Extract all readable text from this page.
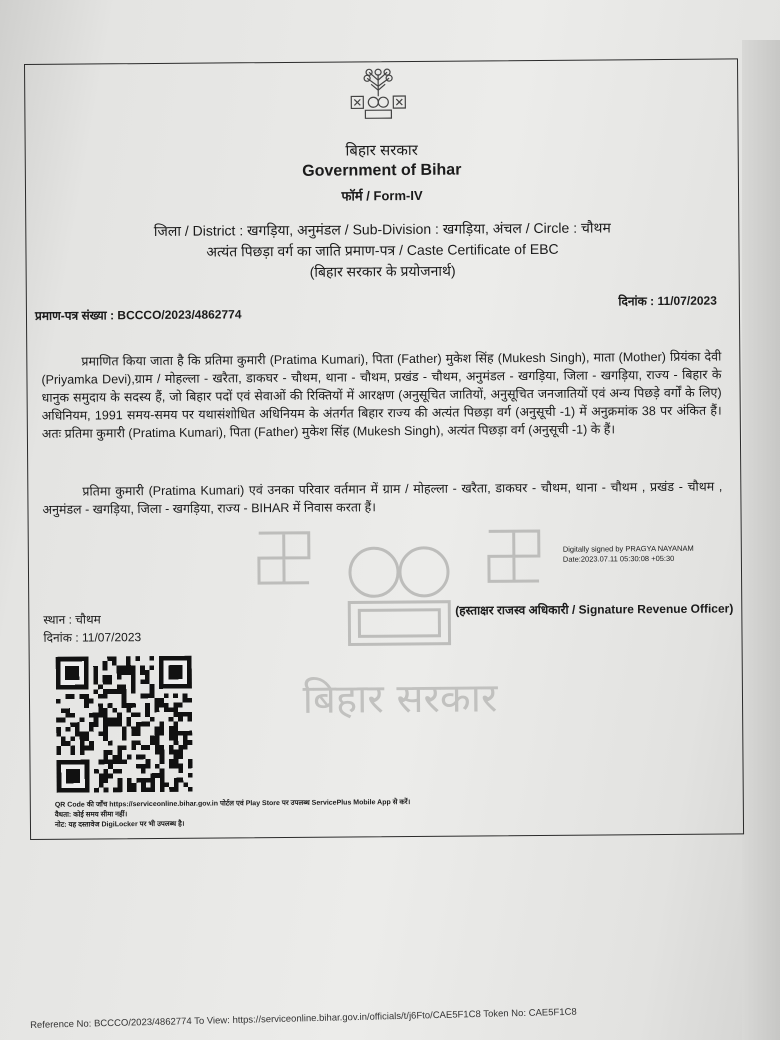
बिहार सरकार
Government of Bihar
फॉर्म / Form-IV
जिला / District : खगड़िया, अनुमंडल / Sub-Division : खगड़िया, अंचल / Circle : चौथम
अत्यंत पिछड़ा वर्ग का जाति प्रमाण-पत्र / Caste Certificate of EBC
(बिहार सरकार के प्रयोजनार्थ)
प्रमाण-पत्र संख्या : BCCCO/2023/4862774
दिनांक : 11/07/2023
बिहार सरकार
प्रमाणित किया जाता है कि प्रतिमा कुमारी (Pratima Kumari), पिता (Father) मुकेश सिंह (Mukesh Singh), माता (Mother) प्रियंका देवी (Priyamka Devi),ग्राम / मोहल्ला - खरैता, डाकघर - चौथम, थाना - चौथम, प्रखंड - चौथम, अनुमंडल - खगड़िया, जिला - खगड़िया, राज्य - बिहार के धानुक समुदाय के सदस्य हैं, जो बिहार पदों एवं सेवाओं की रिक्तियों में आरक्षण (अनुसूचित जातियों, अनुसूचित जनजातियों एवं अन्य पिछड़े वर्गों के लिए) अधिनियम, 1991 समय-समय पर यथासंशोधित अधिनियम के अंतर्गत बिहार राज्य की अत्यंत पिछड़ा वर्ग (अनुसूची -1) में अनुक्रमांक 38 पर अंकित हैं। अतः प्रतिमा कुमारी (Pratima Kumari), पिता (Father) मुकेश सिंह (Mukesh Singh), अत्यंत पिछड़ा वर्ग (अनुसूची -1) के हैं।
प्रतिमा कुमारी (Pratima Kumari) एवं उनका परिवार वर्तमान में ग्राम / मोहल्ला - खरैता, डाकघर - चौथम, थाना - चौथम , प्रखंड - चौथम , अनुमंडल - खगड़िया, जिला - खगड़िया, राज्य - BIHAR में निवास करता हैं।
Digitally signed by PRAGYA NAYANAM
Date:2023.07.11 05:30:08 +05:30
स्थान : चौथम
दिनांक : 11/07/2023
(हस्ताक्षर राजस्व अधिकारी / Signature Revenue Officer)
QR Code की जाँच https://serviceonline.bihar.gov.in पोर्टल एवं Play Store पर उपलब्ध ServicePlus Mobile App से करें।
वैधता: कोई समय सीमा नहीं।
नोट: यह दस्तावेज DigiLocker पर भी उपलब्ध है।
Reference No: BCCCO/2023/4862774 To View: https://serviceonline.bihar.gov.in/officials/t/j6Fto/CAE5F1C8 Token No: CAE5F1C8
